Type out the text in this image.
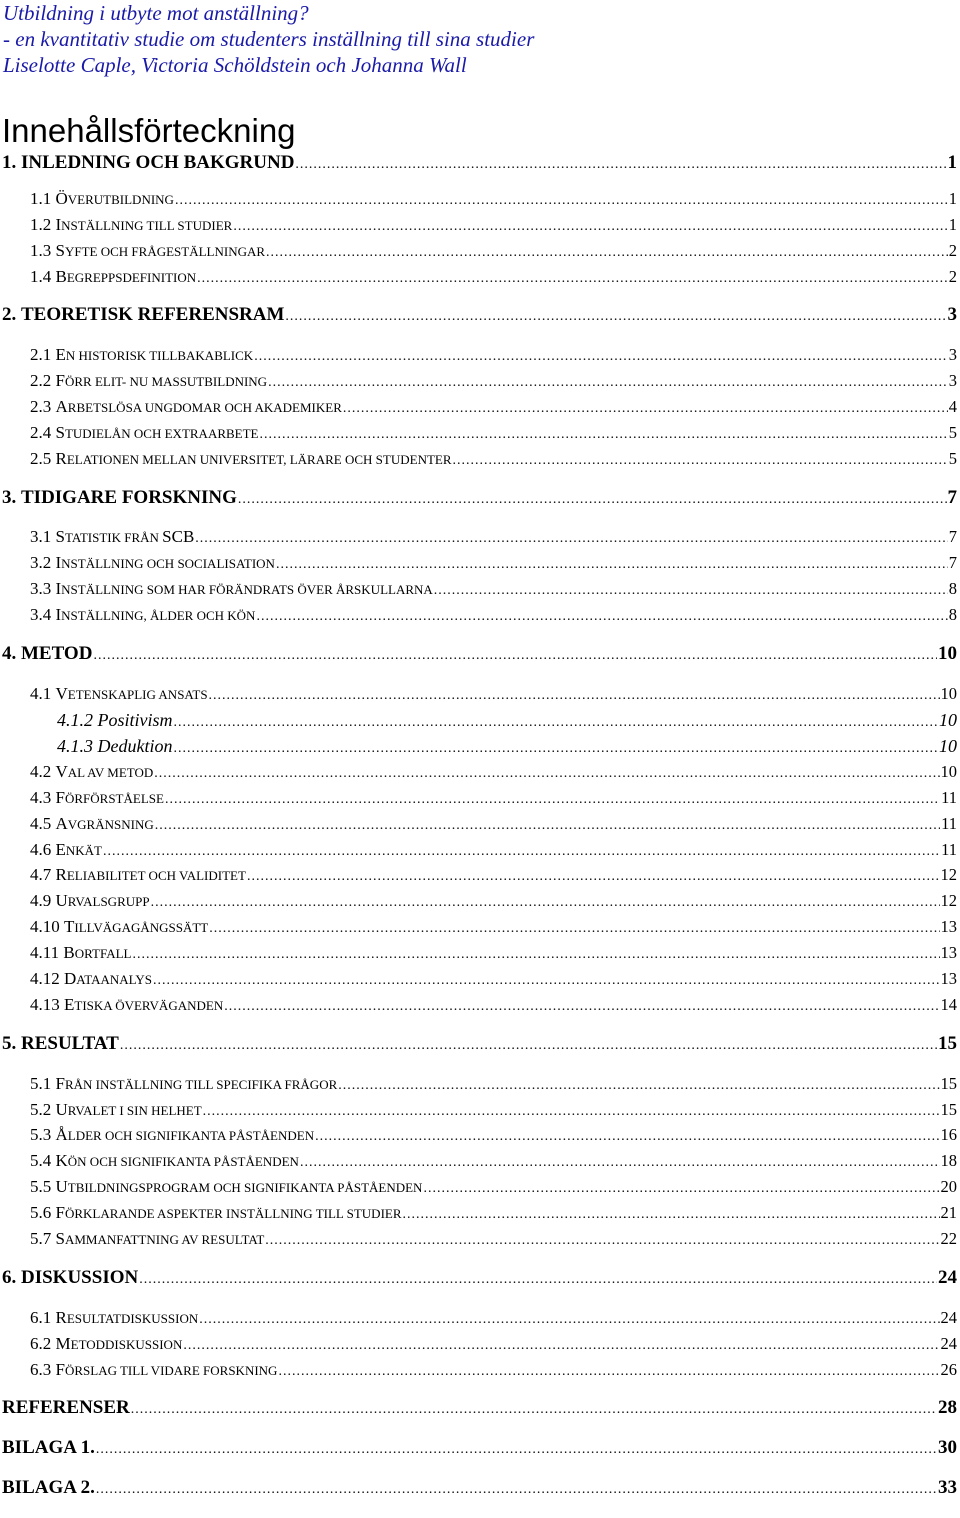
Utbildning i utbyte mot anställning?
- en kvantitativ studie om studenters inställning till sina studier
Liselotte Caple, Victoria Schöldstein och Johanna Wall
Innehållsförteckning
1. INLEDNING OCH BAKGRUND .....	1
1.1 ÖVERUTBILDNING .....	1
1.2 INSTÄLLNING TILL STUDIER .....	1
1.3 SYFTE OCH FRÅGESTÄLLNINGAR .....	2
1.4 BEGREPPSDEFINITION .....	2
2. TEORETISK REFERENSRAM .....	3
2.1 EN HISTORISK TILLBAKABLICK .....	3
2.2 FÖRR ELIT- NU MASSUTBILDNING .....	3
2.3 ARBETSLÖSA UNGDOMAR OCH AKADEMIKER .....	4
2.4 STUDIELÅN OCH EXTRAARBETE .....	5
2.5 RELATIONEN MELLAN UNIVERSITET, LÄRARE OCH STUDENTER .....	5
3. TIDIGARE FORSKNING .....	7
3.1 STATISTIK FRÅN SCB .....	7
3.2 INSTÄLLNING OCH SOCIALISATION .....	7
3.3 INSTÄLLNING SOM HAR FÖRÄNDRATS ÖVER ÅRSKULLARNA .....	8
3.4 INSTÄLLNING, ÅLDER OCH KÖN .....	8
4. METOD .....	10
4.1 VETENSKAPLIG ANSATS .....	10
4.1.2 Positivism .....	10
4.1.3 Deduktion .....	10
4.2 VAL AV METOD .....	10
4.3 FÖRFÖRSTÅELSE .....	11
4.5 AVGRÄNSNING .....	11
4.6 ENKÄT .....	11
4.7 RELIABILITET OCH VALIDITET .....	12
4.9 URVALSGRUPP .....	12
4.10 TILLVÄGAGÅNGSSÄTT .....	13
4.11 BORTFALL .....	13
4.12 DATAANALYS .....	13
4.13 ETISKA ÖVERVÄGANDEN .....	14
5. RESULTAT .....	15
5.1 FRÅN INSTÄLLNING TILL SPECIFIKA FRÅGOR .....	15
5.2 URVALET I SIN HELHET .....	15
5.3 ÅLDER OCH SIGNIFIKANTA PÅSTÅENDEN .....	16
5.4 KÖN OCH SIGNIFIKANTA PÅSTÅENDEN .....	18
5.5 UTBILDNINGSPROGRAM OCH SIGNIFIKANTA PÅSTÅENDEN .....	20
5.6 FÖRKLARANDE ASPEKTER INSTÄLLNING TILL STUDIER .....	21
5.7 SAMMANFATTNING AV RESULTAT .....	22
6. DISKUSSION .....	24
6.1 RESULTATDISKUSSION .....	24
6.2 METODDISKUSSION .....	24
6.3 FÖRSLAG TILL VIDARE FORSKNING .....	26
REFERENSER .....	28
BILAGA 1. .....	30
BILAGA 2. .....	33
